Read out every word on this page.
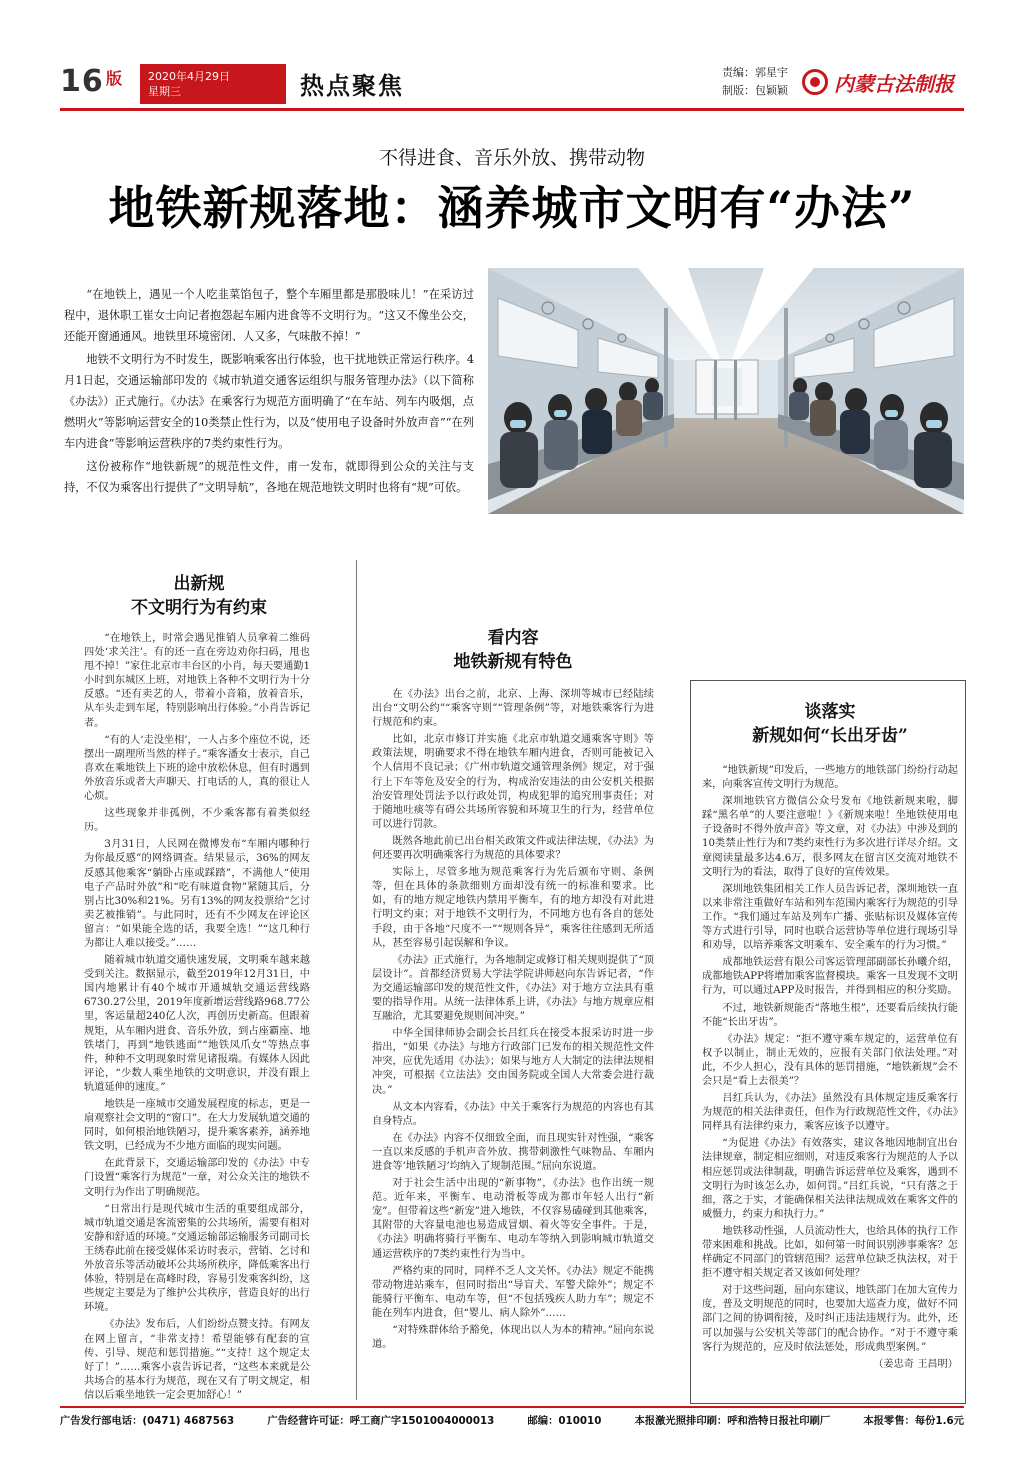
16 版 2020年4月29日
星期三	热点聚焦	责编：郭星宇
制版：包颖颖 内蒙古法制报
不得进食、音乐外放、携带动物
地铁新规落地：涵养城市文明有“办法”

“在地铁上，遇见一个人吃韭菜馅包子，整个车厢里都是那股味儿！”在采访过程中，退休职工崔女士向记者抱怨起车厢内进食等不文明行为。“这又不像坐公交，还能开窗通通风。地铁里环境密闭、人又多，气味散不掉！”

地铁不文明行为不时发生，既影响乘客出行体验，也干扰地铁正常运行秩序。4月1日起，交通运输部印发的《城市轨道交通客运组织与服务管理办法》（以下简称《办法》）正式施行。《办法》在乘客行为规范方面明确了“在车站、列车内吸烟，点燃明火”等影响运营安全的10类禁止性行为，以及“使用电子设备时外放声音”“在列车内进食”等影响运营秩序的7类约束性行为。

这份被称作“地铁新规”的规范性文件，甫一发布，就即得到公众的关注与支持，不仅为乘客出行提供了“文明导航”，各地在规范地铁文明时也将有“规”可依。

出新规
不文明行为有约束

“在地铁上，时常会遇见推销人员拿着二维码四处‘求关注’。有的还一直在旁边劝你扫码，甩也甩不掉！”家住北京市丰台区的小肖，每天要通勤1小时到东城区上班，对地铁上各种不文明行为十分反感。“还有卖艺的人，带着小音箱，放着音乐，从车头走到车尾，特别影响出行体验。”小肖告诉记者。

“有的人‘走没坐相’，一人占多个座位不说，还摆出一副理所当然的样子。”乘客潘女士表示，自己喜欢在乘地铁上下班的途中放松休息，但有时遇到外放音乐或者大声聊天、打电话的人，真的很让人心烦。

这些现象并非孤例，不少乘客都有着类似经历。

3月31日，人民网在微博发布“车厢内哪种行为你最反感”的网络调查。结果显示，36%的网友反感其他乘客“躺卧占座或踩踏”，不满他人“使用电子产品时外放”和“吃有味道食物”紧随其后，分别占比30%和21%。另有13%的网友投票给“乞讨卖艺被推销”。与此同时，还有不少网友在评论区留言：“如果能全选的话，我要全选！”“这几种行为都让人难以接受。”……

随着城市轨道交通快速发展，文明乘车越来越受到关注。数据显示，截至2019年12月31日，中国内地累计有40个城市开通城轨交通运营线路6730.27公里，2019年度新增运营线路968.77公里，客运量超240亿人次，再创历史新高。但跟着规矩，从车厢内进食、音乐外放，到占座霸座、地铁堵门，再到“地铁逃面”“地铁凤爪女”等热点事件，种种不文明现象时常见诸报端。有媒体人因此评论，“少数人乘坐地铁的文明意识，并没有跟上轨道延伸的速度。”

地铁是一座城市交通发展程度的标志，更是一扇观察社会文明的“窗口”。在大力发展轨道交通的同时，如何根治地铁陋习，提升乘客素养，涵养地铁文明，已经成为不少地方面临的现实问题。

在此背景下，交通运输部印发的《办法》中专门设置“乘客行为规范”一章，对公众关注的地铁不文明行为作出了明确规范。

“日常出行是现代城市生活的重要组成部分，城市轨道交通是客流密集的公共场所，需要有相对安静和舒适的环境。”交通运输部运输服务司副司长王绣春此前在接受媒体采访时表示，营销、乞讨和外放音乐等活动破坏公共场所秩序，降低乘客出行体验，特别是在高峰时段，容易引发乘客纠纷，这些规定主要是为了维护公共秩序，营造良好的出行环境。

《办法》发布后，人们纷纷点赞支持。有网友在网上留言，“非常支持！希望能够有配套的宣传、引导、规范和惩罚措施。”“支持！这个规定太好了！”……乘客小袁告诉记者，“这些本来就是公共场合的基本行为规范，现在又有了明文规定，相信以后乘坐地铁一定会更加舒心！”

看内容
地铁新规有特色

在《办法》出台之前，北京、上海、深圳等城市已经陆续出台“文明公约”“乘客守则”“管理条例”等，对地铁乘客行为进行规范和约束。

比如，北京市修订并实施《北京市轨道交通乘客守则》等政策法规，明确要求不得在地铁车厢内进食，否则可能被记入个人信用不良记录；《广州市轨道交通管理条例》规定，对于强行上下车等危及安全的行为，构成治安违法的由公安机关根据治安管理处罚法予以行政处罚，构成犯罪的追究刑事责任；对于随地吐痰等有碍公共场所容貌和环境卫生的行为，经营单位可以进行罚款。

既然各地此前已出台相关政策文件或法律法规，《办法》为何还要再次明确乘客行为规范的具体要求？

实际上，尽管多地为规范乘客行为先后颁布守则、条例等，但在具体的条款细则方面却没有统一的标准和要求。比如，有的地方规定地铁内禁用平衡车，有的地方却没有对此进行明文约束；对于地铁不文明行为，不同地方也有各自的惩处手段，由于各地“尺度不一”“规则各异”，乘客往往感到无所适从，甚至容易引起误解和争议。

《办法》正式施行，为各地制定或修订相关规则提供了“顶层设计”。首都经济贸易大学法学院讲师赵向东告诉记者，“作为交通运输部印发的规范性文件，《办法》对于地方立法具有重要的指导作用。从统一法律体系上讲，《办法》与地方规章应相互融洽，尤其要避免规则间冲突。”

中华全国律师协会副会长吕红兵在接受本报采访时进一步指出，“如果《办法》与地方行政部门已发布的相关规范性文件冲突，应优先适用《办法》；如果与地方人大制定的法律法规相冲突，可根据《立法法》交由国务院或全国人大常委会进行裁决。”

从文本内容看，《办法》中关于乘客行为规范的内容也有其自身特点。

在《办法》内容不仅细致全面，而且现实针对性强，“乘客一直以来反感的手机声音外放、携带刺激性气味物品、车厢内进食等‘地铁陋习’均纳入了规制范围。”屈向东说道。

对于社会生活中出现的“新事物”，《办法》也作出统一规范。近年来，平衡车、电动滑板等成为都市年轻人出行“新宠”。但带着这些“新宠”进入地铁，不仅容易磕碰到其他乘客，其附带的大容量电池也易造成冒烟、着火等安全事件。于是，《办法》明确将骑行平衡车、电动车等纳入到影响城市轨道交通运营秩序的7类约束性行为当中。

严格约束的同时，同样不乏人文关怀。《办法》规定不能携带动物进站乘车，但同时指出“导盲犬、军警犬除外”；规定不能骑行平衡车、电动车等，但“不包括残疾人助力车”；规定不能在列车内进食，但“婴儿、病人除外”……

“对特殊群体给予豁免，体现出以人为本的精神。”屈向东说道。

谈落实
新规如何“长出牙齿”

“地铁新规”印发后，一些地方的地铁部门纷纷行动起来，向乘客宣传文明行为规范。

深圳地铁官方微信公众号发布《地铁新规来啦，脚踩“黑名单”的人要注意啦！》《新规来啦！坐地铁使用电子设备时不得外放声音》等文章，对《办法》中涉及到的10类禁止性行为和7类约束性行为多次进行详尽介绍。文章阅读量最多达4.6万，很多网友在留言区交流对地铁不文明行为的看法，取得了良好的宣传效果。

深圳地铁集团相关工作人员告诉记者，深圳地铁一直以来非常注重做好车站和列车范围内乘客行为规范的引导工作。“我们通过车站及列车广播、张贴标识及媒体宣传等方式进行引导，同时也联合运营协等单位进行现场引导和劝导，以培养乘客文明乘车、安全乘车的行为习惯。”

成都地铁运营有限公司客运管理部副部长孙曦介绍，成都地铁APP将增加乘客监督模块。乘客一旦发现不文明行为，可以通过APP及时报告，并得到相应的积分奖励。

不过，地铁新规能否“落地生根”，还要看后续执行能不能“长出牙齿”。

《办法》规定：“拒不遵守乘车规定的，运营单位有权予以制止，制止无效的，应报有关部门依法处理。”对此，不少人担心，没有具体的惩罚措施，“地铁新规”会不会只是“看上去很美”？

吕红兵认为，《办法》虽然没有具体规定违反乘客行为规范的相关法律责任，但作为行政规范性文件，《办法》同样具有法律约束力，乘客应该予以遵守。

“为促进《办法》有效落实，建议各地因地制宜出台法律规章，制定相应细则，对违反乘客行为规范的人予以相应惩罚或法律制裁，明确告诉运营单位及乘客，遇到不文明行为时该怎么办，如何罚。”吕红兵说，“只有落之于细，落之于实，才能确保相关法律法规成效在乘客文件的威慑力，约束力和执行力。”

地铁移动性强，人员流动性大，也给具体的执行工作带来困难和挑战。比如，如何第一时间识别涉事乘客？怎样确定不同部门的管辖范围？运营单位缺乏执法权，对于拒不遵守相关规定者又该如何处理？

对于这些问题，屈向东建议，地铁部门在加大宣传力度，普及文明规范的同时，也要加大巡查力度，做好不同部门之间的协调衔接，及时纠正违法违规行为。此外，还可以加强与公安机关等部门的配合协作。“对于不遵守乘客行为规范的，应及时依法惩处，形成典型案例。”

（姜忠奇 王昌明）

广告发行部电话：(0471) 4687563	广告经营许可证：呼工商广字1501004000013	邮编：010010	本报激光照排印刷：呼和浩特日报社印刷厂	本报零售：每份1.6元
